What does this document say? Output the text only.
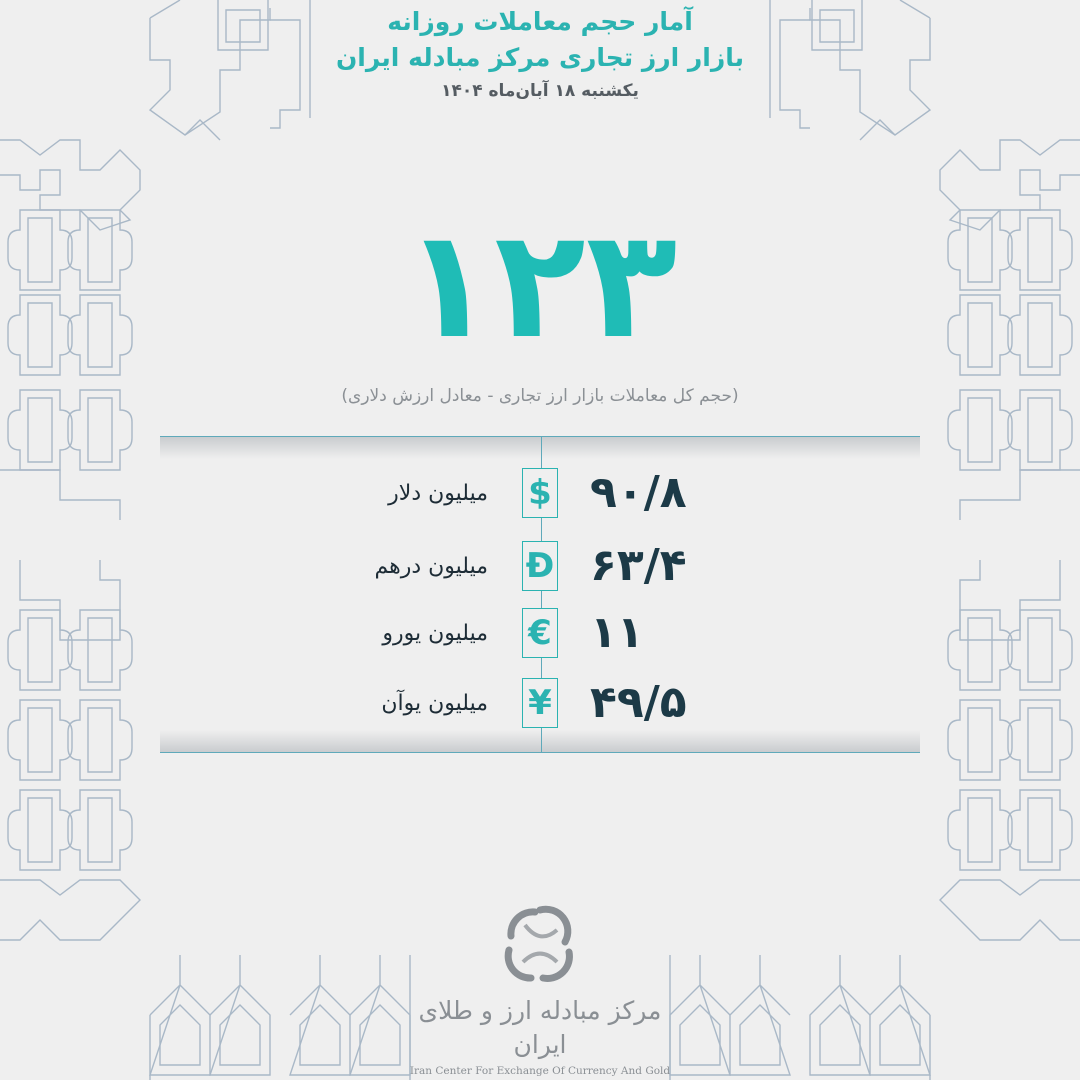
آمار حجم معاملات روزانه

بازار ارز تجاری مرکز مبادله ایران

یکشنبه ۱۸ آبان‌ماه ۱۴۰۴

۱۲۳
(حجم کل معاملات بازار ارز تجاری - معادل ارزش دلاری)
میلیون دلار $ ۹۰/۸
میلیون درهم Đ ۶۳/۴
میلیون یورو € ۱۱
میلیون یوآن ¥ ۴۹/۵
مرکز مبادله ارز و طلای ایران
Iran Center For Exchange Of Currency And Gold
